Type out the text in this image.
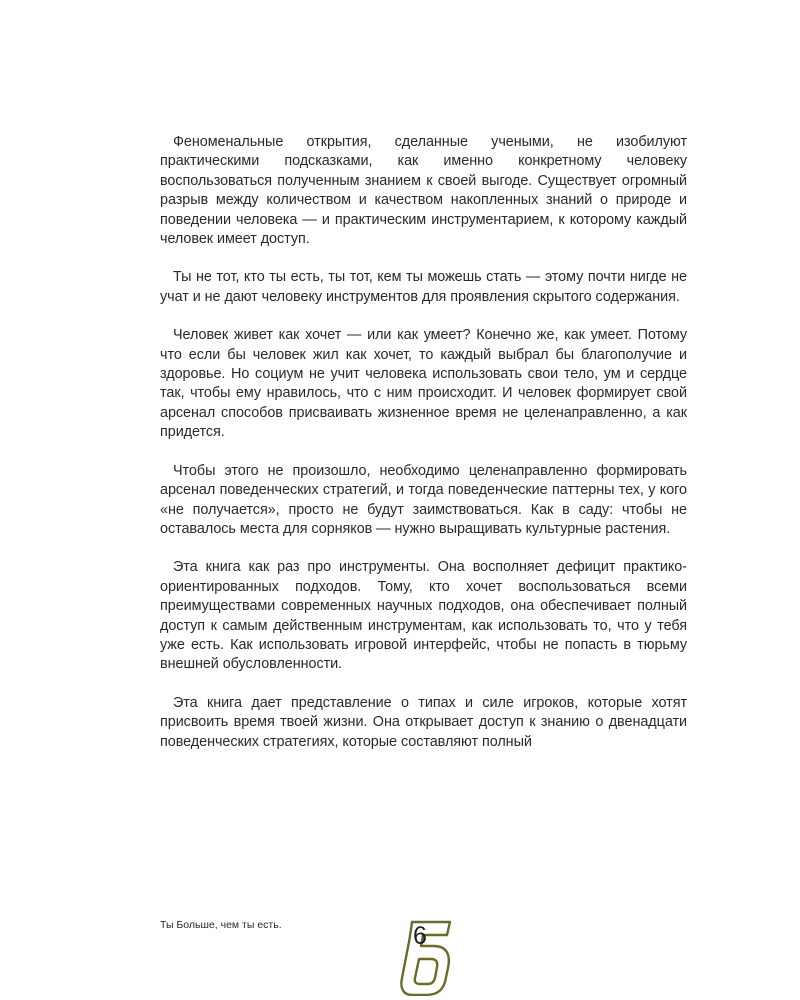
Феноменальные открытия, сделанные учеными, не изобилуют практическими подсказками, как именно конкретному человеку воспользоваться полученным знанием к своей выгоде. Существует огромный разрыв между количеством и качеством накопленных знаний о природе и поведении человека — и практическим инструментарием, к которому каждый человек имеет доступ.

Ты не тот, кто ты есть, ты тот, кем ты можешь стать — этому почти нигде не учат и не дают человеку инструментов для проявления скрытого содержания.

Человек живет как хочет — или как умеет? Конечно же, как умеет. Потому что если бы человек жил как хочет, то каждый выбрал бы благополучие и здоровье. Но социум не учит человека использовать свои тело, ум и сердце так, чтобы ему нравилось, что с ним происходит. И человек формирует свой арсенал способов присваивать жизненное время не целенаправленно, а как придется.

Чтобы этого не произошло, необходимо целенаправленно формировать арсенал поведенческих стратегий, и тогда поведенческие паттерны тех, у кого «не получается», просто не будут заимствоваться. Как в саду: чтобы не оставалось места для сорняков — нужно выращивать культурные растения.

Эта книга как раз про инструменты. Она восполняет дефицит практико-ориентированных подходов. Тому, кто хочет воспользоваться всеми преимуществами современных научных подходов, она обеспечивает полный доступ к самым действенным инструментам, как использовать то, что у тебя уже есть. Как использовать игровой интерфейс, чтобы не попасть в тюрьму внешней обусловленности.

Эта книга дает представление о типах и силе игроков, которые хотят присвоить время твоей жизни. Она открывает доступ к знанию о двенадцати поведенческих стратегиях, которые составляют полный

Ты Больше, чем ты есть.	6
